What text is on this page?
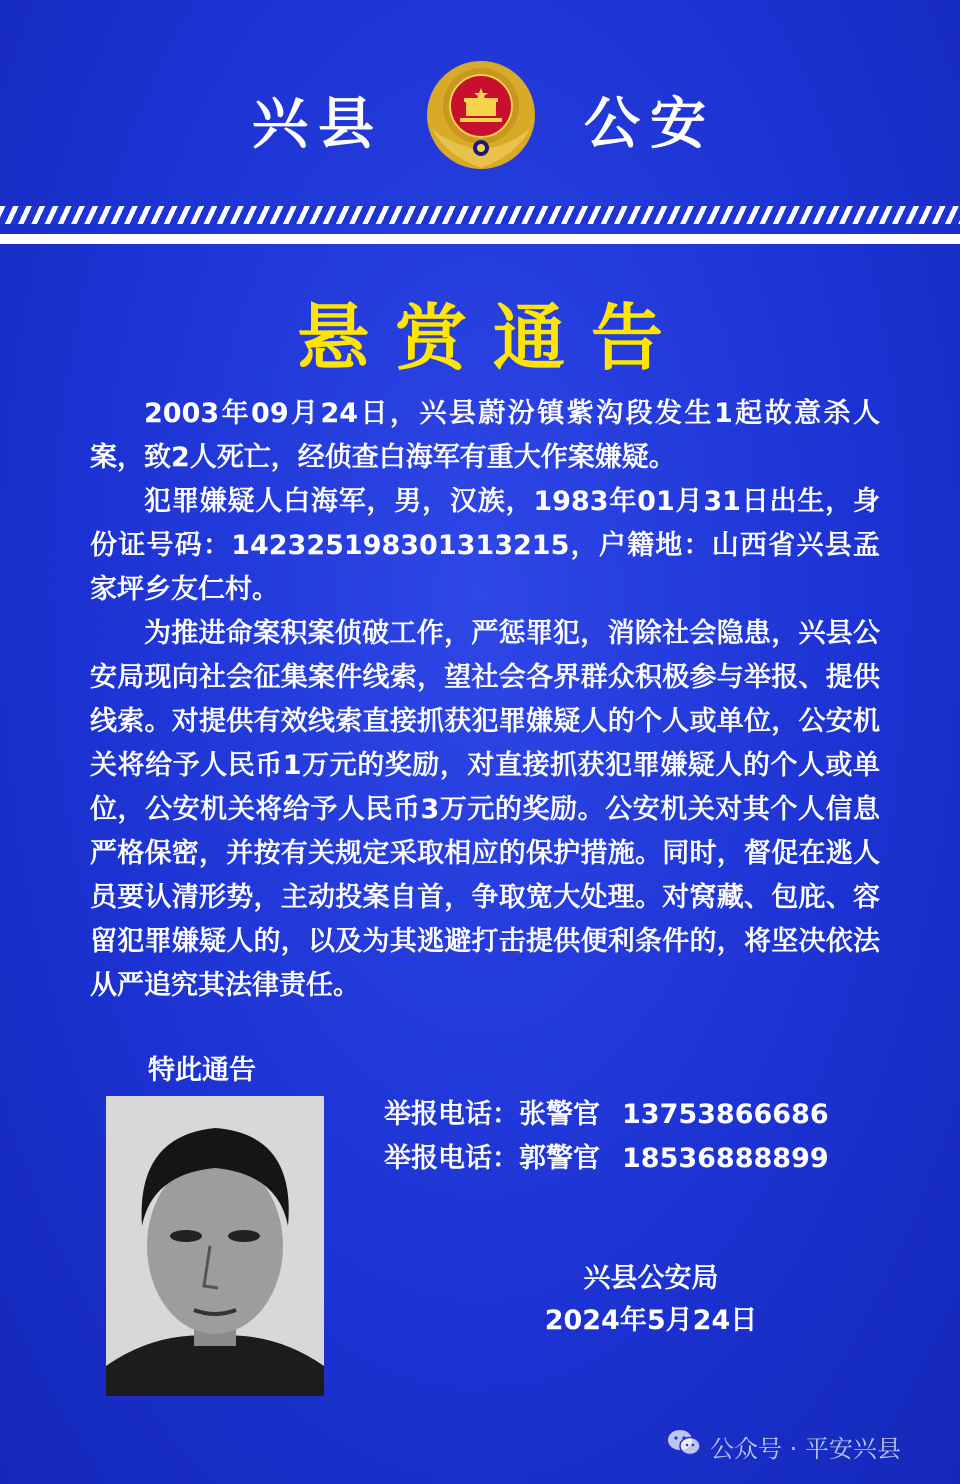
兴县	公安
悬赏通告

2003年09月24日，兴县蔚汾镇紫沟段发生1起故意杀人案，致2人死亡，经侦查白海军有重大作案嫌疑。

犯罪嫌疑人白海军，男，汉族，1983年01月31日出生，身份证号码：142325198301313215，户籍地：山西省兴县孟家坪乡友仁村。

为推进命案积案侦破工作，严惩罪犯，消除社会隐患，兴县公安局现向社会征集案件线索，望社会各界群众积极参与举报、提供线索。对提供有效线索直接抓获犯罪嫌疑人的个人或单位，公安机关将给予人民币1万元的奖励，对直接抓获犯罪嫌疑人的个人或单位，公安机关将给予人民币3万元的奖励。公安机关对其个人信息严格保密，并按有关规定采取相应的保护措施。同时，督促在逃人员要认清形势，主动投案自首，争取宽大处理。对窝藏、包庇、容留犯罪嫌疑人的，以及为其逃避打击提供便利条件的，将坚决依法从严追究其法律责任。

特此通告
举报电话：张警官 13753866686
举报电话：郭警官 18536888899
兴县公安局
2024年5月24日
公众号 · 平安兴县
